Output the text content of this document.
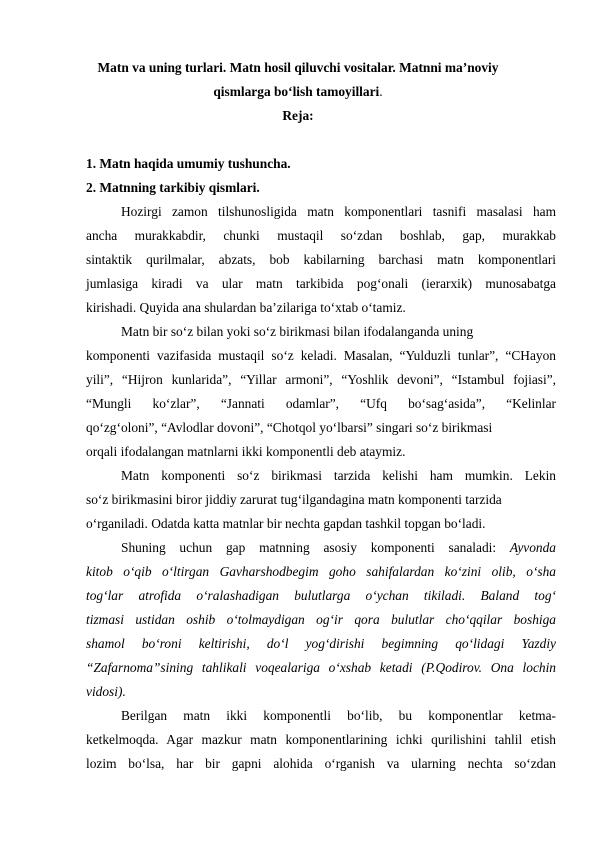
Matn va uning turlari. Matn hosil qiluvchi vositalar. Matnni ma’noviy
qismlarga bo‘lish tamoyillari.
Reja:
1. Matn haqida umumiy tushuncha.
2. Matnning tarkibiy qismlari.
Hozirgi zamon tilshunosligida matn komponentlari tasnifi masalasi ham
ancha murakkabdir, chunki mustaqil so‘zdan boshlab, gap, murakkab
sintaktik qurilmalar, abzats, bob kabilarning barchasi matn komponentlari
jumlasiga kiradi va ular matn tarkibida pog‘onali (ierarxik) munosabatga
kirishadi. Quyida ana shulardan ba’zilariga to‘xtab o‘tamiz.
Matn bir so‘z bilan yoki so‘z birikmasi bilan ifodalanganda uning
komponenti vazifasida mustaqil so‘z keladi. Masalan, “Yulduzli tunlar”, “CHayon
yili”, “Hijron kunlarida”, “Yillar armoni”, “Yoshlik devoni”, “Istambul fojiasi”,
“Mungli ko‘zlar”, “Jannati odamlar”, “Ufq bo‘sag‘asida”, “Kelinlar
qo‘zg‘oloni”, “Avlodlar dovoni”, “Chotqol yo‘lbarsi” singari so‘z birikmasi
orqali ifodalangan matnlarni ikki komponentli deb ataymiz.
Matn komponenti so‘z birikmasi tarzida kelishi ham mumkin. Lekin
so‘z birikmasini biror jiddiy zarurat tug‘ilgandagina matn komponenti tarzida
o‘rganiladi. Odatda katta matnlar bir nechta gapdan tashkil topgan bo‘ladi.
Shuning uchun gap matnning asosiy komponenti sanaladi: Ayvonda
kitob o‘qib o‘ltirgan Gavharshodbegim goho sahifalardan ko‘zini olib, o‘sha
tog‘lar atrofida o‘ralashadigan bulutlarga o‘ychan tikiladi. Baland tog‘
tizmasi ustidan oshib o‘tolmaydigan og‘ir qora bulutlar cho‘qqilar boshiga
shamol bo‘roni keltirishi, do‘l yog‘dirishi begimning qo‘lidagi Yazdiy
“Zafarnoma”sining tahlikali voqealariga o‘xshab ketadi (P.Qodirov. Ona lochin
vidosi).
Berilgan matn ikki komponentli bo‘lib, bu komponentlar ketma-
ketkelmoqda. Agar mazkur matn komponentlarining ichki qurilishini tahlil etish
lozim bo‘lsa, har bir gapni alohida o‘rganish va ularning nechta so‘zdan
